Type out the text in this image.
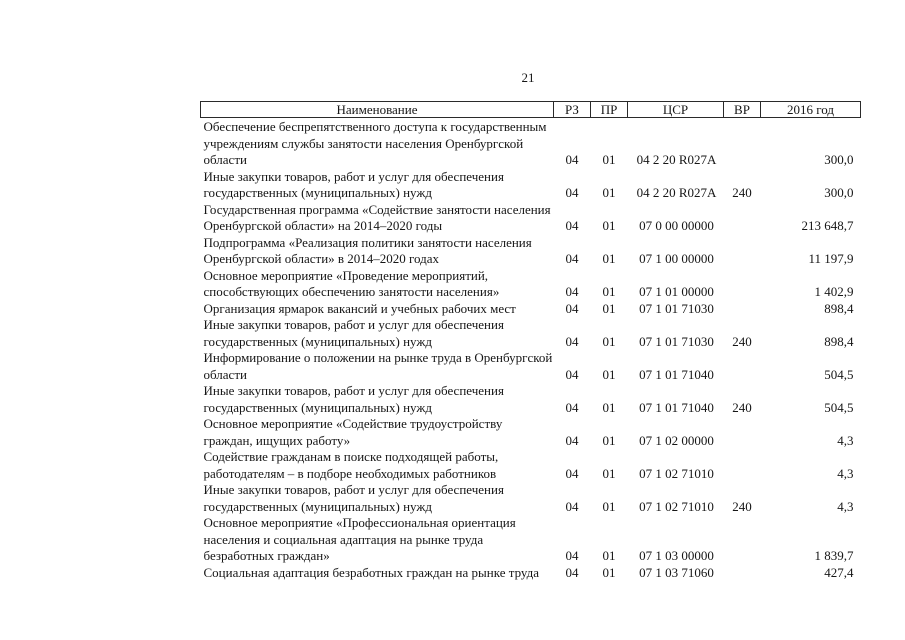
21
Наименование	РЗ	ПР	ЦСР	ВР	2016 год

Обеспечение беспрепятственного доступа к государственным
учреждениям службы занятости населения Оренбургской
области	04	01	04 2 20 R027A		300,0

Иные закупки товаров, работ и услуг для обеспечения
государственных (муниципальных) нужд	04	01	04 2 20 R027A	240	300,0

Государственная программа «Содействие занятости населения
Оренбургской области» на 2014–2020 годы	04	01	07 0 00 00000		213 648,7

Подпрограмма «Реализация политики занятости населения
Оренбургской области» в 2014–2020 годах	04	01	07 1 00 00000		11 197,9

Основное мероприятие «Проведение мероприятий,
способствующих обеспечению занятости населения»	04	01	07 1 01 00000		1 402,9

Организация ярмарок вакансий и учебных рабочих мест	04	01	07 1 01 71030		898,4

Иные закупки товаров, работ и услуг для обеспечения
государственных (муниципальных) нужд	04	01	07 1 01 71030	240	898,4

Информирование о положении на рынке труда в Оренбургской
области	04	01	07 1 01 71040		504,5

Иные закупки товаров, работ и услуг для обеспечения
государственных (муниципальных) нужд	04	01	07 1 01 71040	240	504,5

Основное мероприятие «Содействие трудоустройству
граждан, ищущих работу»	04	01	07 1 02 00000		4,3

Содействие гражданам в поиске подходящей работы,
работодателям – в подборе необходимых работников	04	01	07 1 02 71010		4,3

Иные закупки товаров, работ и услуг для обеспечения
государственных (муниципальных) нужд	04	01	07 1 02 71010	240	4,3

Основное мероприятие «Профессиональная ориентация
населения и социальная адаптация на рынке труда
безработных граждан»	04	01	07 1 03 00000		1 839,7

Социальная адаптация безработных граждан на рынке труда	04	01	07 1 03 71060		427,4
